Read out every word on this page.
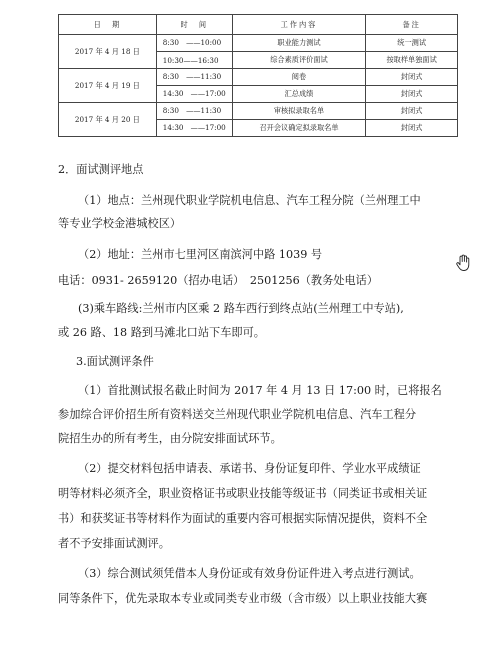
日　期	时　间	工作内容	备注
2017 年 4 月 18 日	8:30　——10:00	职业能力测试	统一测试
	10:30——16:30	综合素质评价面试	按取样单独面试
2017 年 4 月 19 日	8:30　——11:30	阅卷	封闭式
	14:30　——17:00	汇总成绩	封闭式
2017 年 4 月 20 日	8:30　——11:30	审核拟录取名单	封闭式
	14:30　——17:00	召开会议确定拟录取名单	封闭式
2．面试测评地点
（1）地点：兰州现代职业学院机电信息、汽车工程分院（兰州理工中
等专业学校金港城校区）
（2）地址：兰州市七里河区南滨河中路 1039 号
电话：0931- 2659120（招办电话）　2501256（教务处电话）
(3)乘车路线:兰州市内区乘 2 路车西行到终点站(兰州理工中专站),
或 26 路、18 路到马滩北口站下车即可。
3.面试测评条件
（1）首批测试报名截止时间为 2017 年 4 月 13 日 17:00 时，已将报名
参加综合评价招生所有资料送交兰州现代职业学院机电信息、汽车工程分
院招生办的所有考生，由分院安排面试环节。
（2）提交材料包括申请表、承诺书、身份证复印件、学业水平成绩证
明等材料必须齐全，职业资格证书或职业技能等级证书（同类证书或相关证
书）和获奖证书等材料作为面试的重要内容可根据实际情况提供，资料不全
者不予安排面试测评。
（3）综合测试须凭借本人身份证或有效身份证件进入考点进行测试。
同等条件下，优先录取本专业或同类专业市级（含市级）以上职业技能大赛
